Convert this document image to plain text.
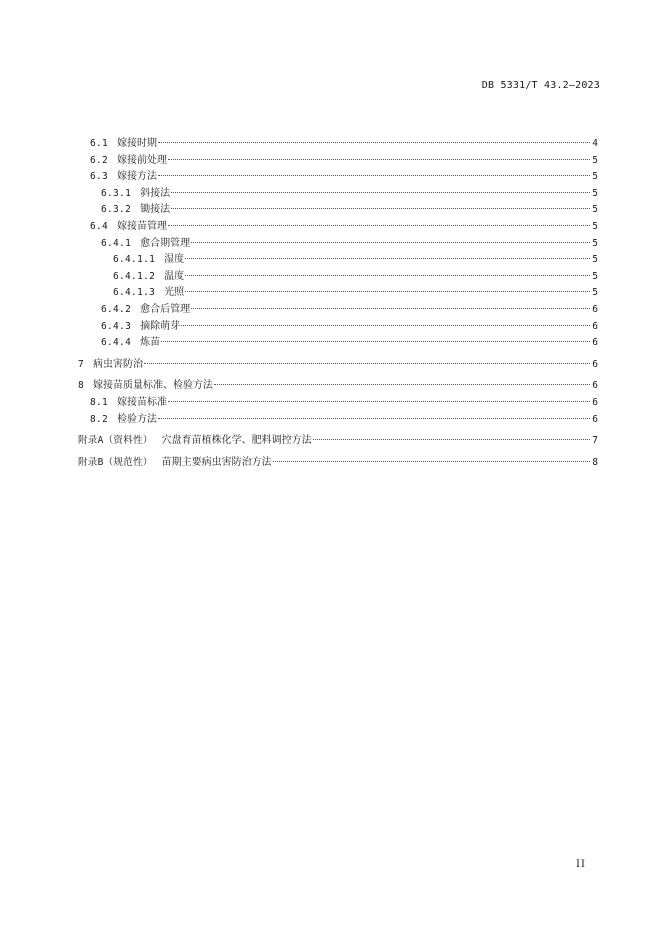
DB 5331/T 43.2—2023
6.1 嫁接时期	4
6.2 嫁接前处理	5
6.3 嫁接方法	5
6.3.1 斜接法	5
6.3.2 锄接法	5
6.4 嫁接苗管理	5
6.4.1 愈合期管理	5
6.4.1.1 湿度	5
6.4.1.2 温度	5
6.4.1.3 光照	5
6.4.2 愈合后管理	6
6.4.3 摘除萌芽	6
6.4.4 炼苗	6
7 病虫害防治	6
8 嫁接苗质量标准、检验方法	6
8.1 嫁接苗标准	6
8.2 检验方法	6
附录A（资料性） 穴盘育苗植株化学、肥料调控方法	7
附录B（规范性） 苗期主要病虫害防治方法	8
II
